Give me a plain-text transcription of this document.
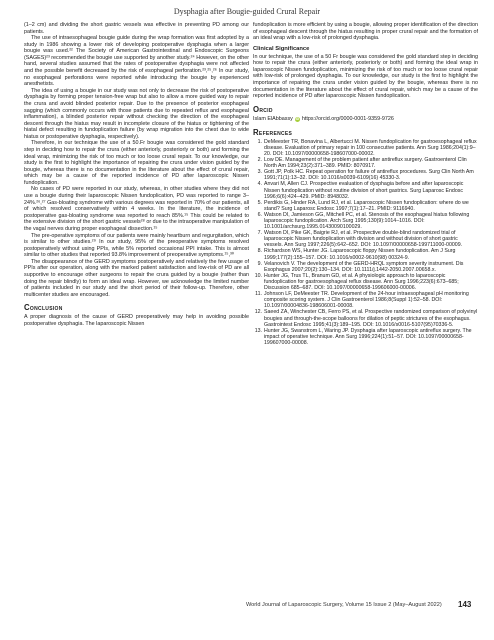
Dysphagia after Bougie-guided Crural Repair

(1–2 cm) and dividing the short gastric vessels was effective in preventing PD among our patients.

The use of intraesophageal bougie guide during the wrap formation was first adopted by a study in 1986 showing a lower risk of developing postoperative dysphagia when a larger bougie was used.²² The Society of American Gastrointestinal and Endoscopic Surgeons (SAGES)²³ recommended the bougie use supported by another study.²⁴ However, on the other hand, several studies assumed that the rates of postoperative dysphagia were not affected and the possible benefit decreased by the risk of esophageal perforation.²³,²⁵,²⁶ In our study, no esophageal perforations were reported while introducing the bougie by experienced anesthetists.

The idea of using a bougie in our study was not only to decrease the risk of postoperative dysphagia by forming proper tension-free wrap but also to allow a more guided way to repair the crura and avoid blinded posterior repair. Due to the presence of posterior esophageal sagging (which commonly occurs with those patients due to repeated reflux and esophageal inflammation), a blinded posterior repair without checking the direction of the esophageal descent through the hiatus may result in incomplete closure of the hiatus or tightening of the hiatal defect resulting in fundoplication failure (by wrap migration into the chest due to wide hiatus or postoperative dysphagia, respectively).

Therefore, in our technique the use of a 50.Fr bougie was considered the gold standard step in deciding how to repair the crura (either anteriorly, posteriorly or both) and forming the ideal wrap, minimizing the risk of too much or too loose crural repair. To our knowledge, our study is the first to highlight the importance of repairing the crura under vision guided by the bougie, whereas there is no documentation in the literature about the effect of crural repair, which may be a cause of the reported incidence of PD after laparoscopic Nissen fundoplication.

No cases of PD were reported in our study, whereas, in other studies where they did not use a bougie during their laparoscopic Nissen fundoplication, PD was reported to range 3–24%.²⁶,²⁷ Gas-bloating syndrome with various degrees was reported in 70% of our patients, all of which resolved conservatively within 4 weeks. In the literature, the incidence of postoperative gas-bloating syndrome was reported to reach 85%.¹⁵ This could be related to the extensive division of the short gastric vessels²⁸ or due to the intraoperative manipulation of the vagal nerves during proper esophageal dissection.¹⁵

The pre-operative symptoms of our patients were mainly heartburn and regurgitation, which is similar to other studies.²⁹ In our study, 95% of the preoperative symptoms resolved postoperatively without using PPIs, while 5% reported occasional PPI intake. This is almost similar to other studies that reported 93.8% improvement of preoperative symptoms.¹⁵,³⁰

The disappearance of the GERD symptoms postoperatively and relatively the few usage of PPIs after our operation, along with the marked patient satisfaction and low-risk of PD are all supportive to encourage other surgeons to repair the crura guided by a bougie (rather than doing the repair blindly) to form an ideal wrap. However, we acknowledge the limited number of patients included in our study and the short period of their follow-up. Therefore, other multicenter studies are encouraged.

Conclusion

A proper diagnosis of the cause of GERD preoperatively may help in avoiding possible postoperative dysphagia. The laparoscopic Nissen

fundoplication is more efficient by using a bougie, allowing proper identification of the direction of esophageal descent through the hiatus resulting in proper crural repair and the formation of an ideal wrap with a low-risk of prolonged dysphagia.

Clinical Significance

In our technique, the use of a 50 Fr bougie was considered the gold standard step in deciding how to repair the crura (either anteriorly, posteriorly or both) and forming the ideal wrap in laparoscopic Nissen fundoplication, minimizing the risk of too much or too loose crural repair with low-risk of prolonged dysphagia. To our knowledge, our study is the first to highlight the importance of repairing the crura under vision guided by the bougie, whereas there is no documentation in the literature about the effect of crural repair, which may be a cause of the reported incidence of PD after laparoscopic Nissen fundoplication.

Orcid
Islam ElAbbassy iD https://orcid.org/0000-0001-9359-9726
References
1. DeMeester TR, Bonavina L, Albertucci M. Nissen fundoplication for gastroesophageal reflux disease. Evaluation of primary repair in 100 consecutive patients. Ann Surg 1986;204(1):9–20. DOI: 10.1097/00000658-198607000-00002.
2. Low DE. Management of the problem patient after antireflux surgery. Gastroenterol Clin North Am 1994;23(2):371–389. PMID: 8070917.
3. Gott JP, Polk HC. Repeat operation for failure of antireflux procedures. Surg Clin North Am 1991;71(1):13–32. DOI: 10.1016/s0039-6109(16) 45330-3.
4. Anvari M, Allen CJ. Prospective evaluation of dysphagia before and after laparoscopic Nissen fundoplication without routine division of short gastrics. Surg Laparosc Endosc 1996;6(6):424–429. PMID: 8948032.
5. Perdikis G, Hinder RA, Lund RJ, et al. Laparoscopic Nissen fundoplication: where do we stand? Surg Laparosc Endosc 1997;7(1):17–21. PMID: 9116940.
6. Watson DI, Jamieson GG, Mitchell PC, et al. Stenosis of the esophageal hiatus following laparoscopic fundoplication. Arch Surg 1995;130(9):1014–1016. DOI: 10.1001/archsurg.1995.01430090100029.
7. Watson DI, Pike GK, Baigrie RJ, et al. Prospective double-blind randomized trial of laparoscopic Nissen fundoplication with division and without division of short gastric vessels. Ann Surg 1997;226(5):642–652. DOI: 10.1097/00000658-199711000-00009.
8. Richardson WS, Hunter JG. Laparoscopic floppy Nissen fundoplication. Am J Surg 1999;177(2):155–157. DOI: 10.1016/s0002-9610(98) 00324-9.
9. Velanovich V. The development of the GERD-HRQL symptom severity instrument. Dis Esophagus 2007;20(2):130–134. DOI: 10.1111/j.1442-2050.2007.00658.x.
10. Hunter JG, Trus TL, Branum GD, et al. A physiologic approach to laparoscopic fundoplication for gastroesophageal reflux disease. Ann Surg 1996;223(6):673–685; Discussion 685–687. DOI: 10.1097/00000658-199606000-00006.
11. Johnson LF, DeMeester TR. Development of the 24-hour intraesophageal pH monitoring composite scoring system. J Clin Gastroenterol 1986;8(Suppl 1):52–58. DOI: 10.1097/00004836-198606001-00008.
12. Saeed ZA, Winchester CB, Ferro PS, et al. Prospective randomized comparison of polyvinyl bougies and through-the-scope balloons for dilation of peptic strictures of the esophagus. Gastrointest Endosc 1995;41(3):189–195. DOI: 10.1016/s0016-5107(95)70336-5.
13. Hunter JG, Swanstrom L, Waring JP. Dysphagia after laparoscopic antireflux surgery. The impact of operative technique. Ann Surg 1996;224(1):51–57. DOI: 10.1097/00000658-199607000-00008.
World Journal of Laparoscopic Surgery, Volume 15 Issue 2 (May–August 2022) 143
